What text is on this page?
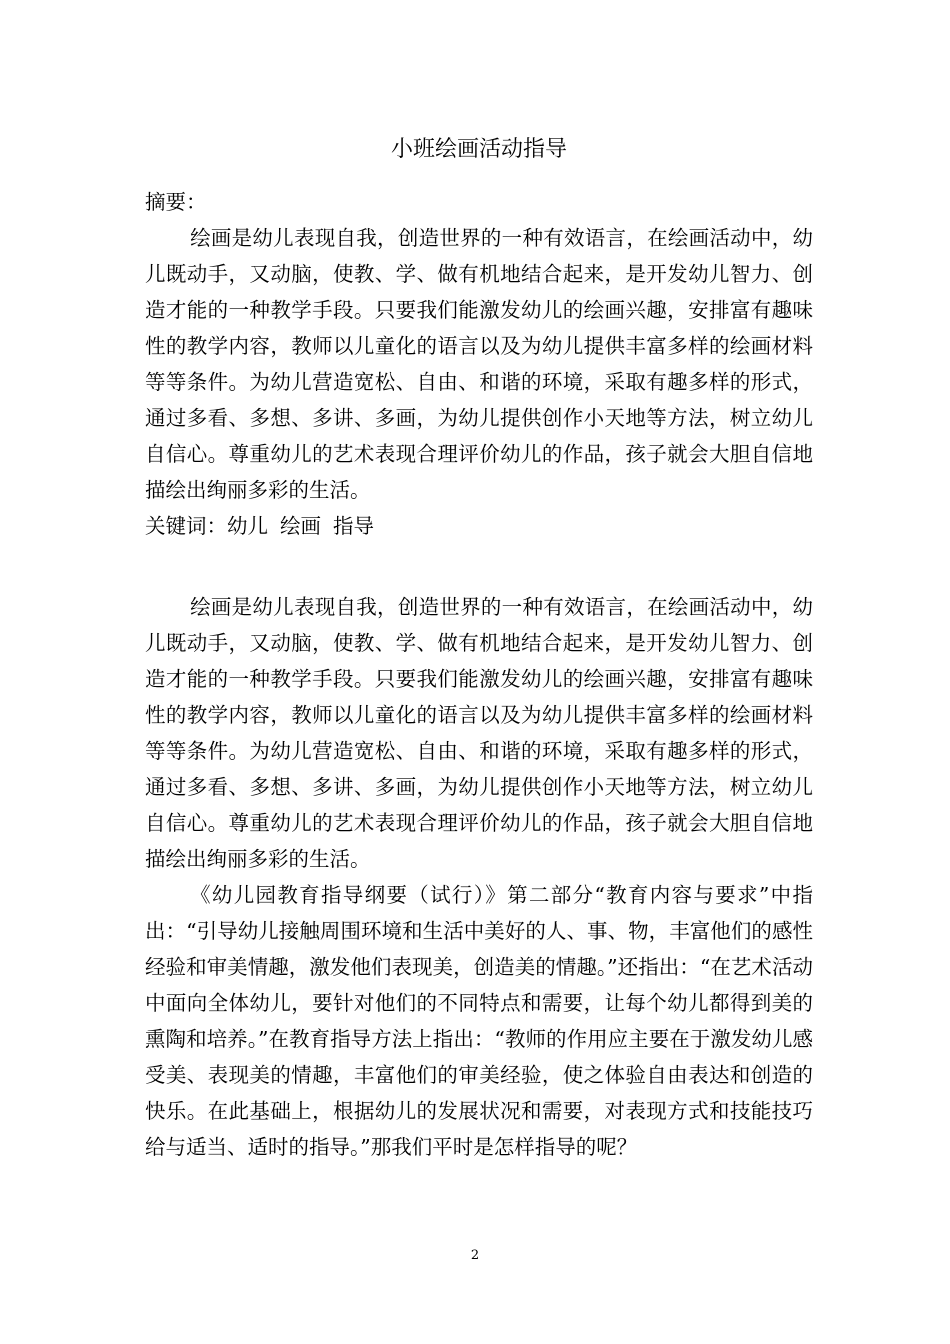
小班绘画活动指导
摘要：
绘画是幼儿表现自我，创造世界的一种有效语言，在绘画活动中，幼儿既动手，又动脑，使教、学、做有机地结合起来，是开发幼儿智力、创造才能的一种教学手段。只要我们能激发幼儿的绘画兴趣，安排富有趣味性的教学内容，教师以儿童化的语言以及为幼儿提供丰富多样的绘画材料等等条件。为幼儿营造宽松、自由、和谐的环境，采取有趣多样的形式，通过多看、多想、多讲、多画，为幼儿提供创作小天地等方法，树立幼儿自信心。尊重幼儿的艺术表现合理评价幼儿的作品，孩子就会大胆自信地描绘出绚丽多彩的生活。
关键词：幼儿 绘画 指导
绘画是幼儿表现自我，创造世界的一种有效语言，在绘画活动中，幼儿既动手，又动脑，使教、学、做有机地结合起来，是开发幼儿智力、创造才能的一种教学手段。只要我们能激发幼儿的绘画兴趣，安排富有趣味性的教学内容，教师以儿童化的语言以及为幼儿提供丰富多样的绘画材料等等条件。为幼儿营造宽松、自由、和谐的环境，采取有趣多样的形式，通过多看、多想、多讲、多画，为幼儿提供创作小天地等方法，树立幼儿自信心。尊重幼儿的艺术表现合理评价幼儿的作品，孩子就会大胆自信地描绘出绚丽多彩的生活。
《幼儿园教育指导纲要（试行）》第二部分“教育内容与要求”中指出：“引导幼儿接触周围环境和生活中美好的人、事、物，丰富他们的感性经验和审美情趣，激发他们表现美，创造美的情趣。”还指出：“在艺术活动中面向全体幼儿，要针对他们的不同特点和需要，让每个幼儿都得到美的熏陶和培养。”在教育指导方法上指出：“教师的作用应主要在于激发幼儿感受美、表现美的情趣，丰富他们的审美经验，使之体验自由表达和创造的快乐。在此基础上，根据幼儿的发展状况和需要，对表现方式和技能技巧给与适当、适时的指导。”那我们平时是怎样指导的呢？
2
